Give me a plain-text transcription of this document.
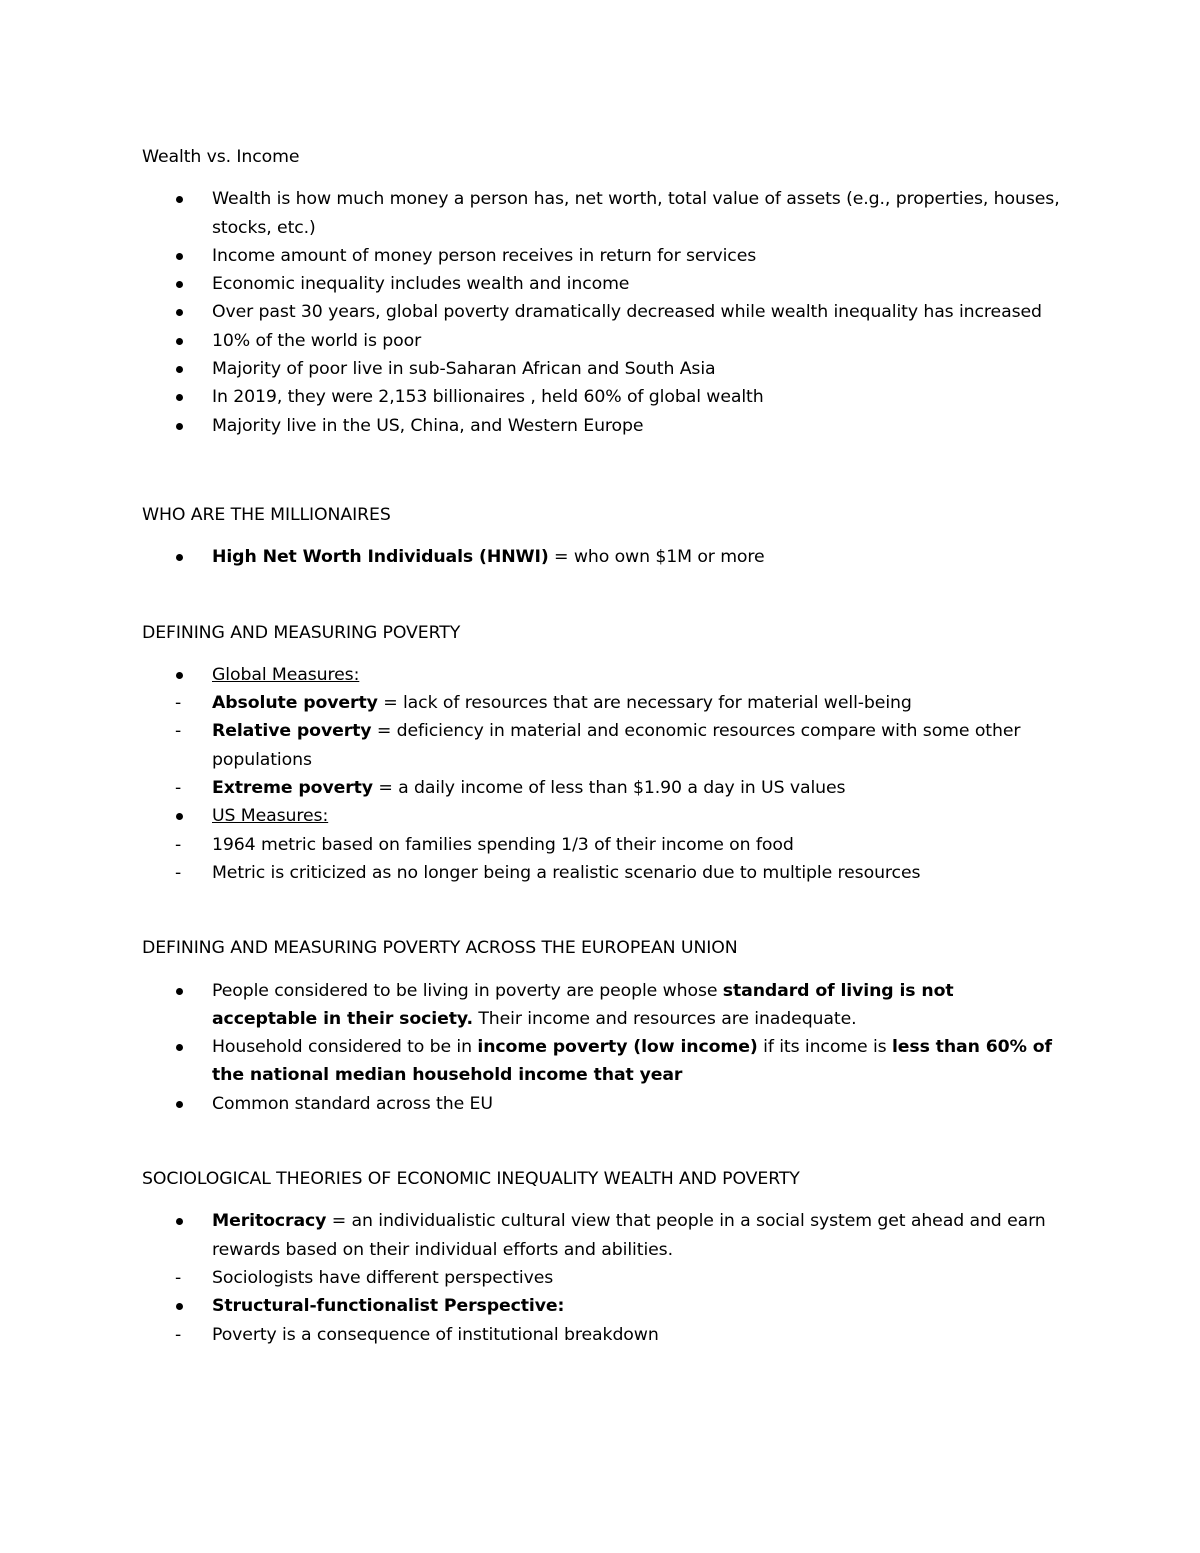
Wealth vs. Income

Wealth is how much money a person has, net worth, total value of assets (e.g., properties, houses, stocks, etc.)
Income amount of money person receives in return for services
Economic inequality includes wealth and income
Over past 30 years, global poverty dramatically decreased while wealth inequality has increased
10% of the world is poor
Majority of poor live in sub-Saharan African and South Asia
In 2019, they were 2,153 billionaires , held 60% of global wealth
Majority live in the US, China, and Western Europe

WHO ARE THE MILLIONAIRES

High Net Worth Individuals (HNWI) = who own $1M or more

DEFINING AND MEASURING POVERTY

Global Measures:
-
Absolute poverty = lack of resources that are necessary for material well-being
-
Relative poverty = deficiency in material and economic resources compare with some other populations
-
Extreme poverty = a daily income of less than $1.90 a day in US values
US Measures:
-
1964 metric based on families spending 1/3 of their income on food
-
Metric is criticized as no longer being a realistic scenario due to multiple resources

DEFINING AND MEASURING POVERTY ACROSS THE EUROPEAN UNION

People considered to be living in poverty are people whose standard of living is not acceptable in their society. Their income and resources are inadequate.
Household considered to be in income poverty (low income) if its income is less than 60% of the national median household income that year
Common standard across the EU

SOCIOLOGICAL THEORIES OF ECONOMIC INEQUALITY WEALTH AND POVERTY

Meritocracy = an individualistic cultural view that people in a social system get ahead and earn rewards based on their individual efforts and abilities.
-
Sociologists have different perspectives
Structural-functionalist Perspective:
-
Poverty is a consequence of institutional breakdown
